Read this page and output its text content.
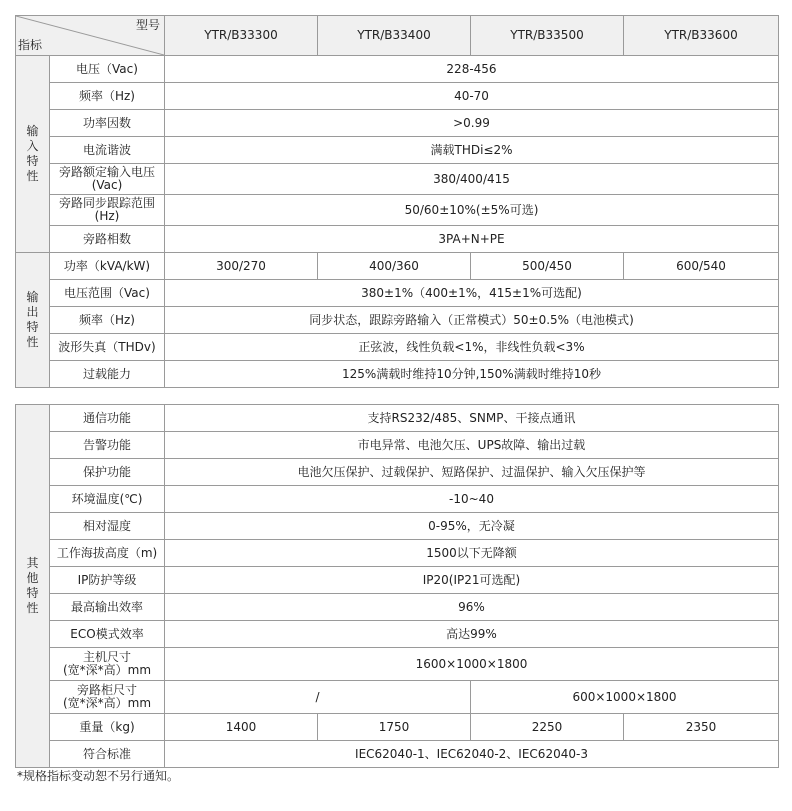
型号
指标		YTR/B33300	YTR/B33400	YTR/B33500	YTR/B33600

输
入
特
性	电压（Vac)	228-456			
	频率（Hz)	40-70			
	功率因数	>0.99			
	电流谐波	满载THDi≤2%			
	旁路额定输入电压
(Vac)	380/400/415			
	旁路同步跟踪范围
(Hz)	50/60±10%(±5%可选)			
	旁路相数	3PA+N+PE			

输
出
特
性	功率（kVA/kW)	300/270	400/360	500/450	600/540
	电压范围（Vac)	380±1%（400±1%，415±1%可选配)			
	频率（Hz)	同步状态，跟踪旁路输入（正常模式）50±0.5%（电池模式)			
	波形失真（THDv)	正弦波，线性负载<1%，非线性负载<3%			
	过载能力	125%满载时维持10分钟,150%满载时维持10秒			
其
他
特
性	通信功能	支持RS232/485、SNMP、干接点通讯			
	告警功能	市电异常、电池欠压、UPS故障、输出过载			
	保护功能	电池欠压保护、过载保护、短路保护、过温保护、输入欠压保护等			
	环境温度(℃)	-10~40			
	相对湿度	0-95%，无冷凝			
	工作海拔高度（m)	1500以下无降额			
	IP防护等级	IP20(IP21可选配)			
	最高输出效率	96%			
	ECO模式效率	高达99%			
	主机尺寸
(宽*深*高）mm	1600×1000×1800			
	旁路柜尺寸
(宽*深*高）mm	/		600×1000×1800	
	重量（kg)	1400	1750	2250	2350
	符合标准	IEC62040-1、IEC62040-2、IEC62040-3			
*规格指标变动恕不另行通知。
